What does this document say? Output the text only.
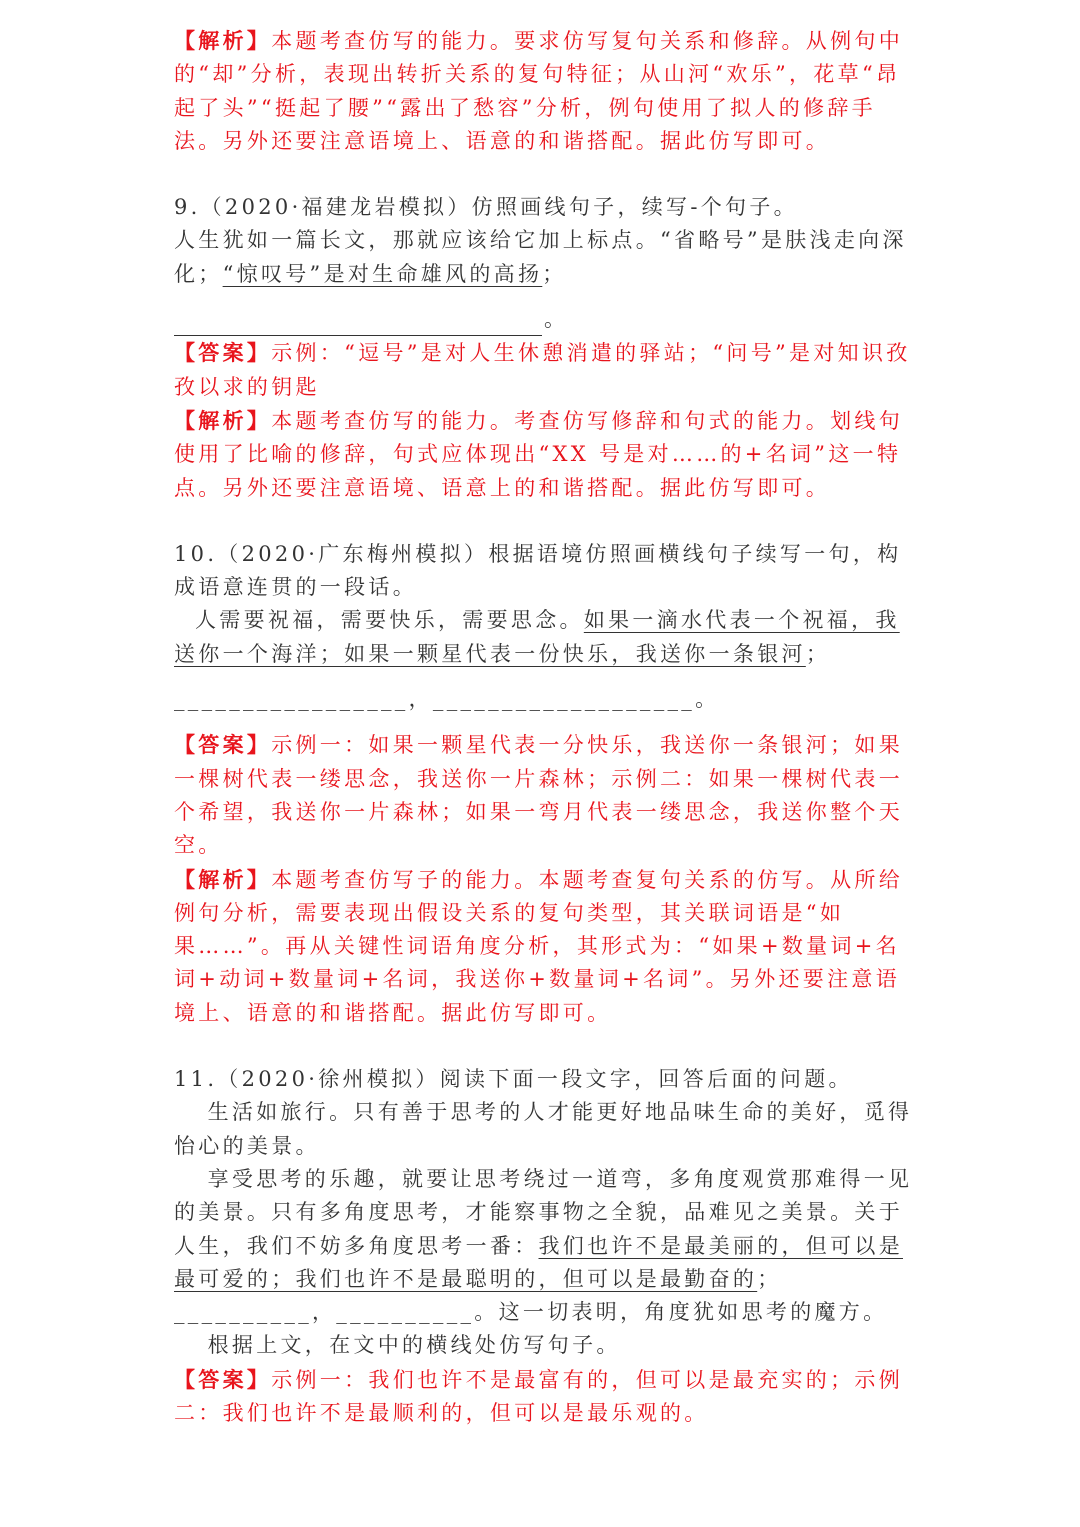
【解析】本题考查仿写的能力。要求仿写复句关系和修辞。从例句中的“却”分析，表现出转折关系的复句特征；从山河“欢乐”，花草“昂起了头”“挺起了腰”“露出了愁容”分析，例句使用了拟人的修辞手法。另外还要注意语境上、语意的和谐搭配。据此仿写即可。

9.（2020·福建龙岩模拟）仿照画线句子，续写-个句子。

人生犹如一篇长文，那就应该给它加上标点。“省略号”是肤浅走向深化；“惊叹号”是对生命雄风的高扬；

。

【答案】示例：“逗号”是对人生休憩消遣的驿站；“问号”是对知识孜孜以求的钥匙

【解析】本题考查仿写的能力。考查仿写修辞和句式的能力。划线句使用了比喻的修辞，句式应体现出“XX 号是对……的+名词”这一特点。另外还要注意语境、语意上的和谐搭配。据此仿写即可。

10.（2020·广东梅州模拟）根据语境仿照画横线句子续写一句，构成语意连贯的一段话。

人需要祝福，需要快乐，需要思念。如果一滴水代表一个祝福，我送你一个海洋；如果一颗星代表一份快乐，我送你一条银河；

_________________，___________________。

【答案】示例一：如果一颗星代表一分快乐，我送你一条银河；如果一棵树代表一缕思念，我送你一片森林；示例二：如果一棵树代表一个希望，我送你一片森林；如果一弯月代表一缕思念，我送你整个天空。

【解析】本题考查仿写子的能力。本题考查复句关系的仿写。从所给例句分析，需要表现出假设关系的复句类型，其关联词语是“如果……”。再从关键性词语角度分析，其形式为：“如果+数量词+名词+动词+数量词+名词，我送你+数量词+名词”。另外还要注意语境上、语意的和谐搭配。据此仿写即可。

11.（2020·徐州模拟）阅读下面一段文字，回答后面的问题。

生活如旅行。只有善于思考的人才能更好地品味生命的美好，觅得怡心的美景。

享受思考的乐趣，就要让思考绕过一道弯，多角度观赏那难得一见的美景。只有多角度思考，才能察事物之全貌，品难见之美景。关于人生，我们不妨多角度思考一番：我们也许不是最美丽的，但可以是最可爱的；我们也许不是最聪明的，但可以是最勤奋的；

__________，__________。这一切表明，角度犹如思考的魔方。

根据上文，在文中的横线处仿写句子。

【答案】示例一：我们也许不是最富有的，但可以是最充实的；示例二：我们也许不是最顺利的，但可以是最乐观的。
